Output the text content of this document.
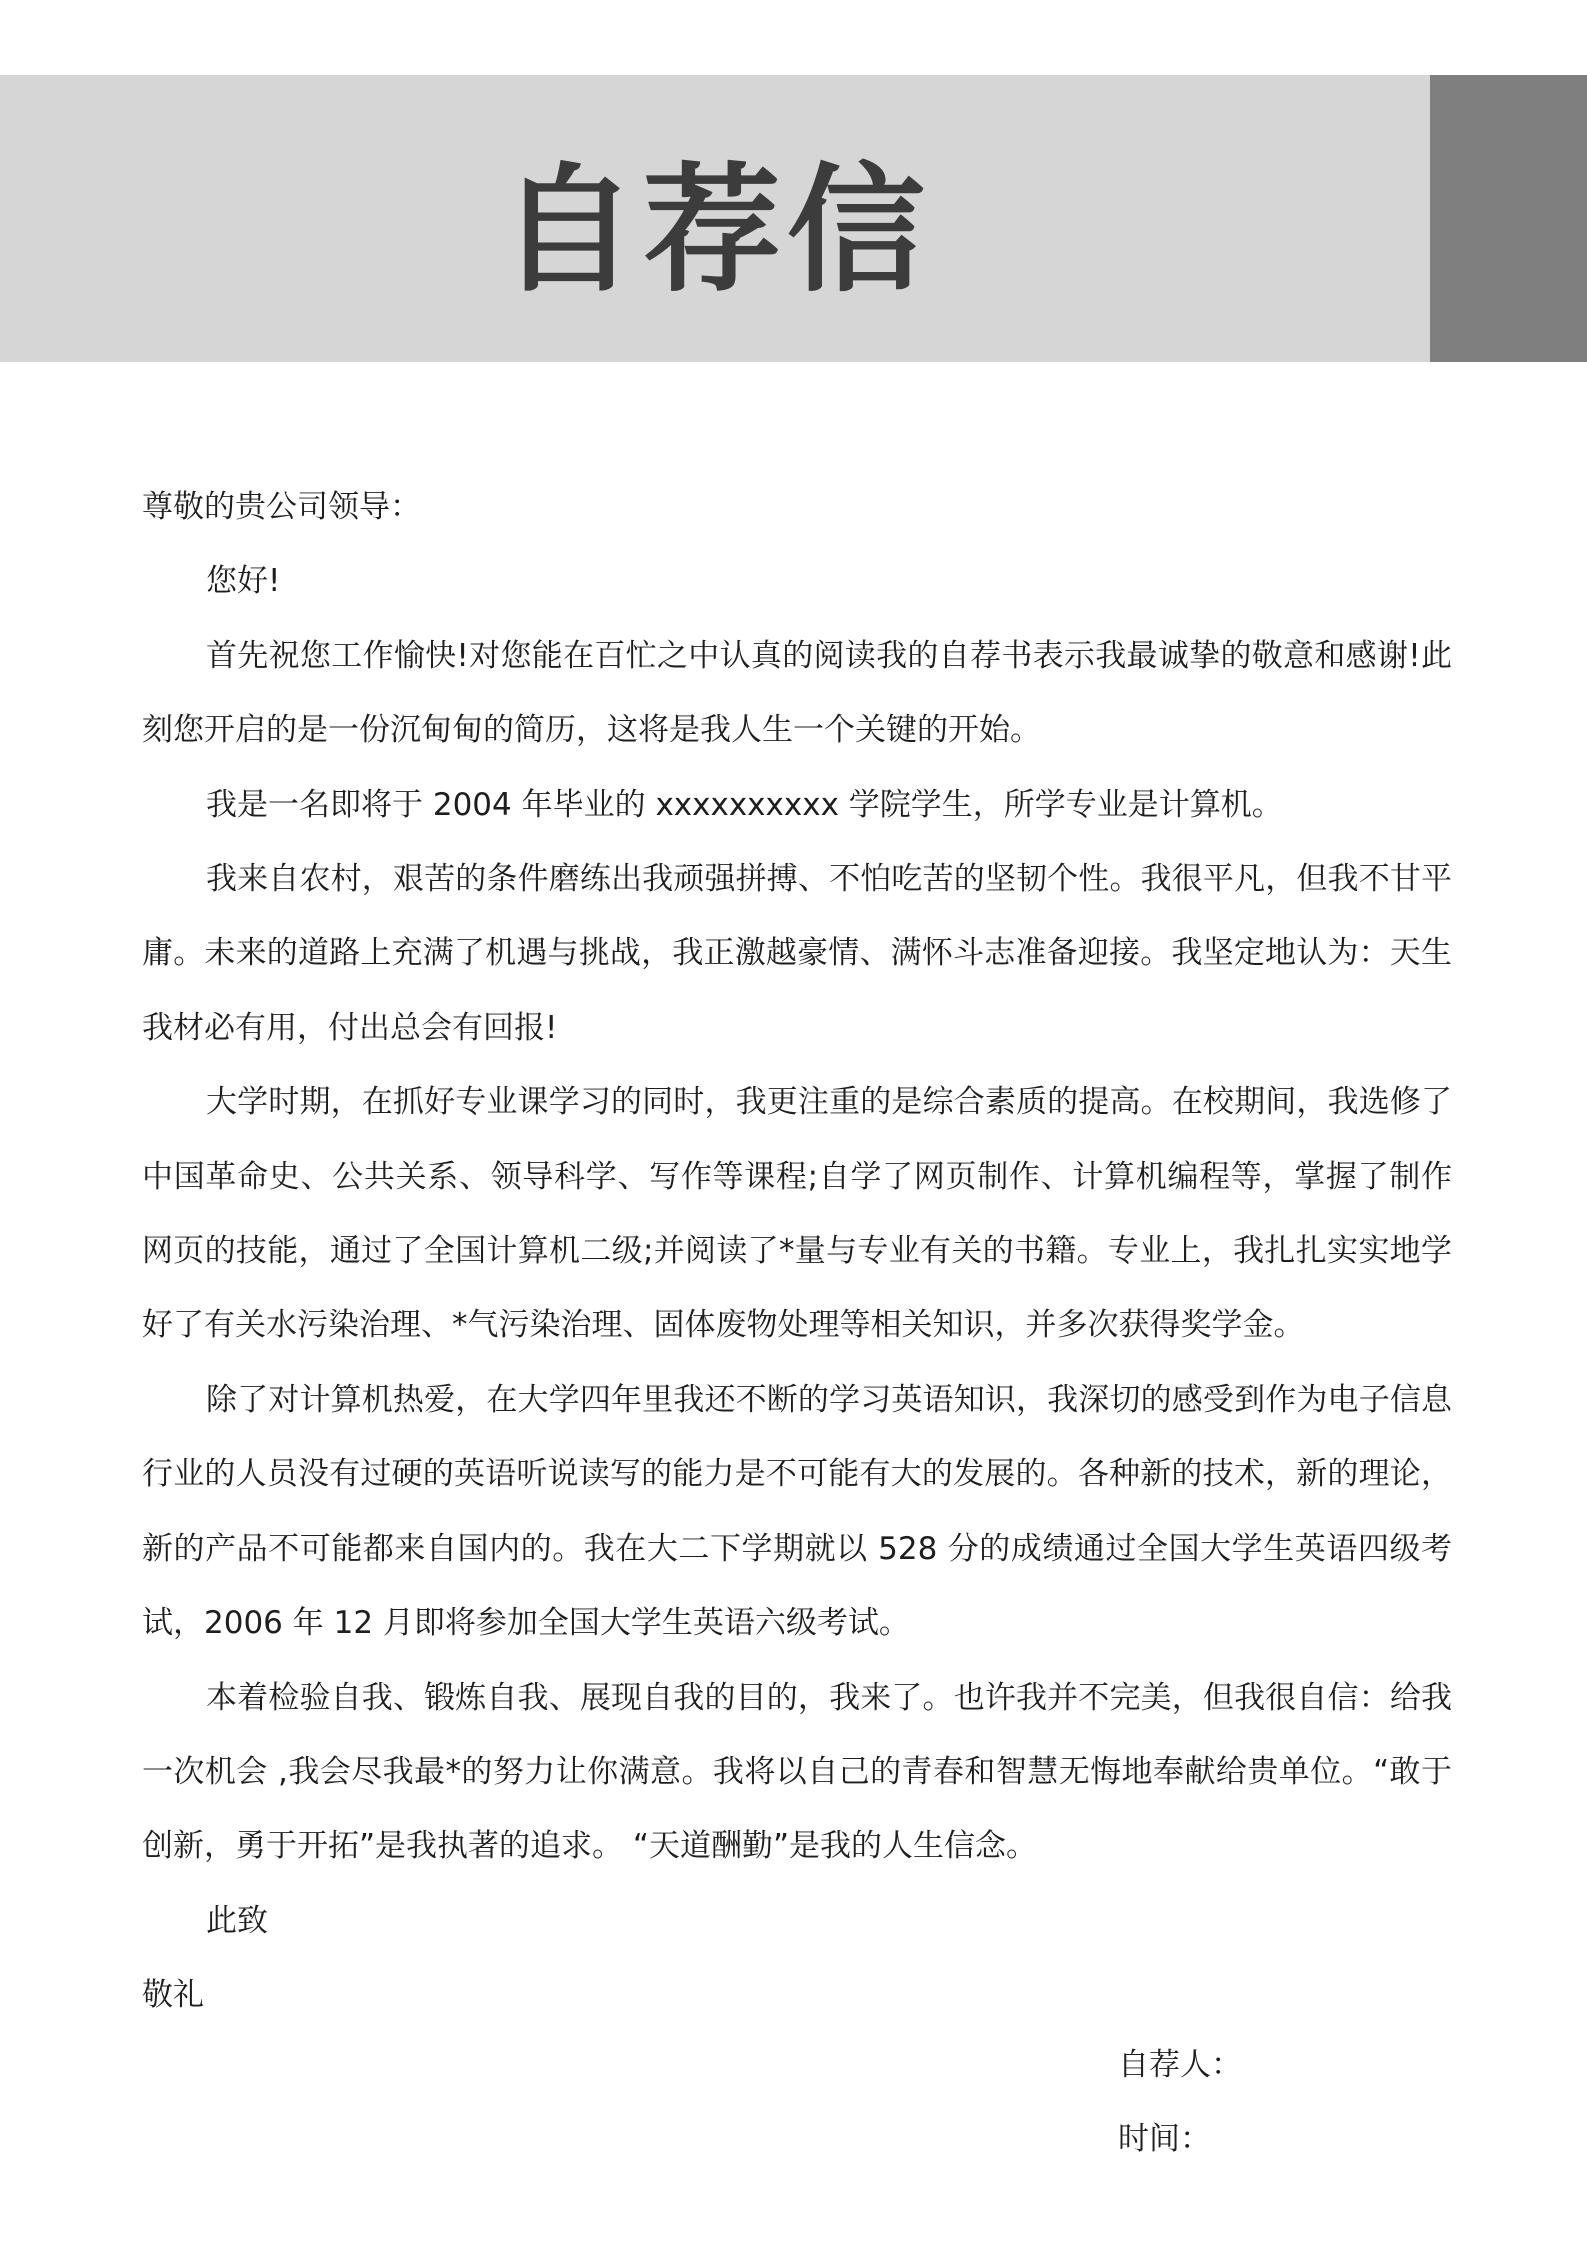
自荐信

尊敬的贵公司领导：

您好!

首先祝您工作愉快!对您能在百忙之中认真的阅读我的自荐书表示我最诚挚的敬意和感谢!此刻您开启的是一份沉甸甸的简历，这将是我人生一个关键的开始。

我是一名即将于 2004 年毕业的 xxxxxxxxxx 学院学生，所学专业是计算机。

我来自农村，艰苦的条件磨练出我顽强拼搏、不怕吃苦的坚韧个性。我很平凡，但我不甘平庸。未来的道路上充满了机遇与挑战，我正激越豪情、满怀斗志准备迎接。我坚定地认为：天生我材必有用，付出总会有回报!

大学时期，在抓好专业课学习的同时，我更注重的是综合素质的提高。在校期间，我选修了中国革命史、公共关系、领导科学、写作等课程;自学了网页制作、计算机编程等，掌握了制作网页的技能，通过了全国计算机二级;并阅读了*量与专业有关的书籍。专业上，我扎扎实实地学好了有关水污染治理、*气污染治理、固体废物处理等相关知识，并多次获得奖学金。

除了对计算机热爱，在大学四年里我还不断的学习英语知识，我深切的感受到作为电子信息行业的人员没有过硬的英语听说读写的能力是不可能有大的发展的。各种新的技术，新的理论，新的产品不可能都来自国内的。我在大二下学期就以 528 分的成绩通过全国大学生英语四级考试，2006 年 12 月即将参加全国大学生英语六级考试。

本着检验自我、锻炼自我、展现自我的目的，我来了。也许我并不完美，但我很自信：给我一次机会 ,我会尽我最*的努力让你满意。我将以自己的青春和智慧无悔地奉献给贵单位。“敢于创新，勇于开拓”是我执著的追求。 “天道酬勤”是我的人生信念。

此致

敬礼

自荐人：

时间：
